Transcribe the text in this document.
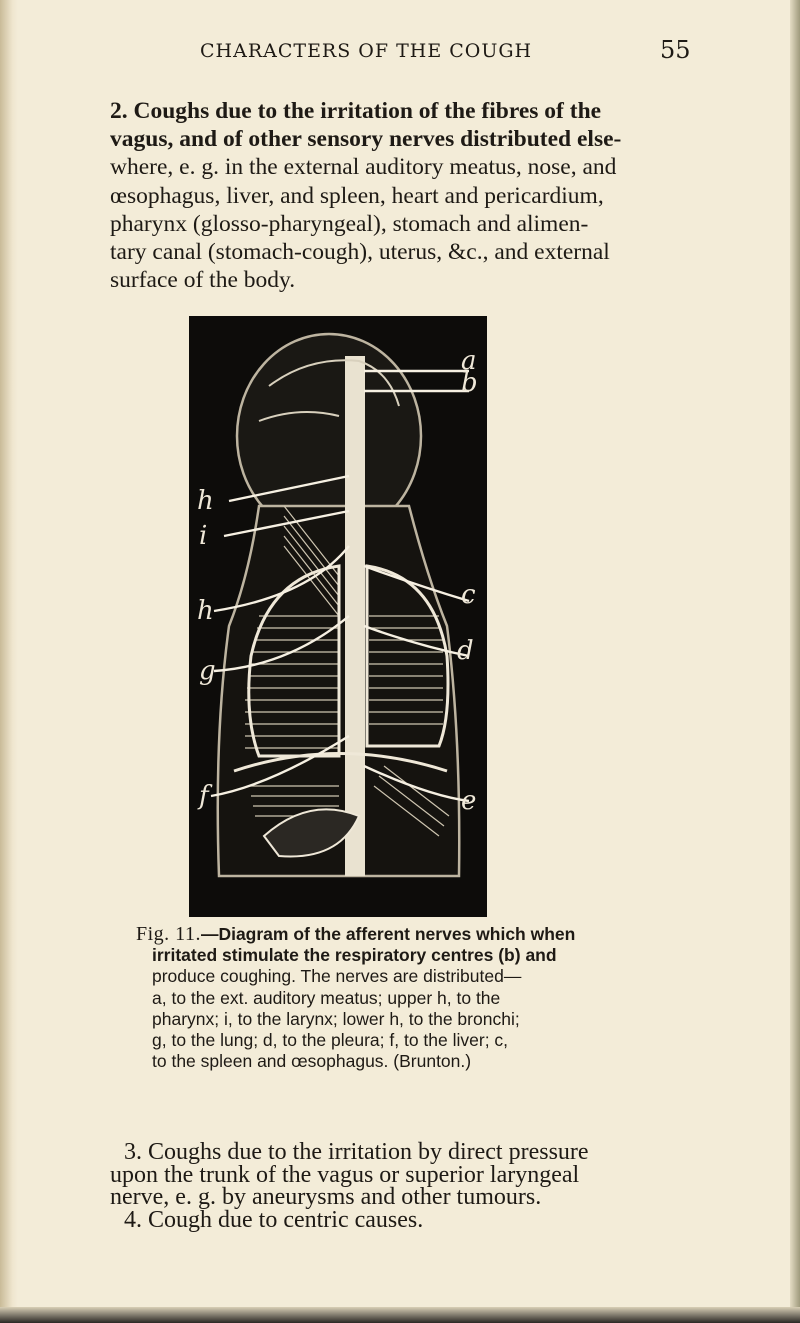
CHARACTERS OF THE COUGH	55
2. Coughs due to the irritation of the fibres of the
vagus, and of other sensory nerves distributed else-
where, e. g. in the external auditory meatus, nose, and
œsophagus, liver, and spleen, heart and pericardium,
pharynx (glosso-pharyngeal), stomach and alimen-
tary canal (stomach-cough), uterus, &c., and external
surface of the body.
a
b
c
d
e
h
i
h
g
f
Fig. 11.—Diagram of the afferent nerves which when
irritated stimulate the respiratory centres (b) and
produce coughing. The nerves are distributed—
a, to the ext. auditory meatus; upper h, to the
pharynx; i, to the larynx; lower h, to the bronchi;
g, to the lung; d, to the pleura; f, to the liver; c,
to the spleen and œsophagus. (Brunton.)
3. Coughs due to the irritation by direct pressure
upon the trunk of the vagus or superior laryngeal
nerve, e. g. by aneurysms and other tumours.
4. Cough due to centric causes.
